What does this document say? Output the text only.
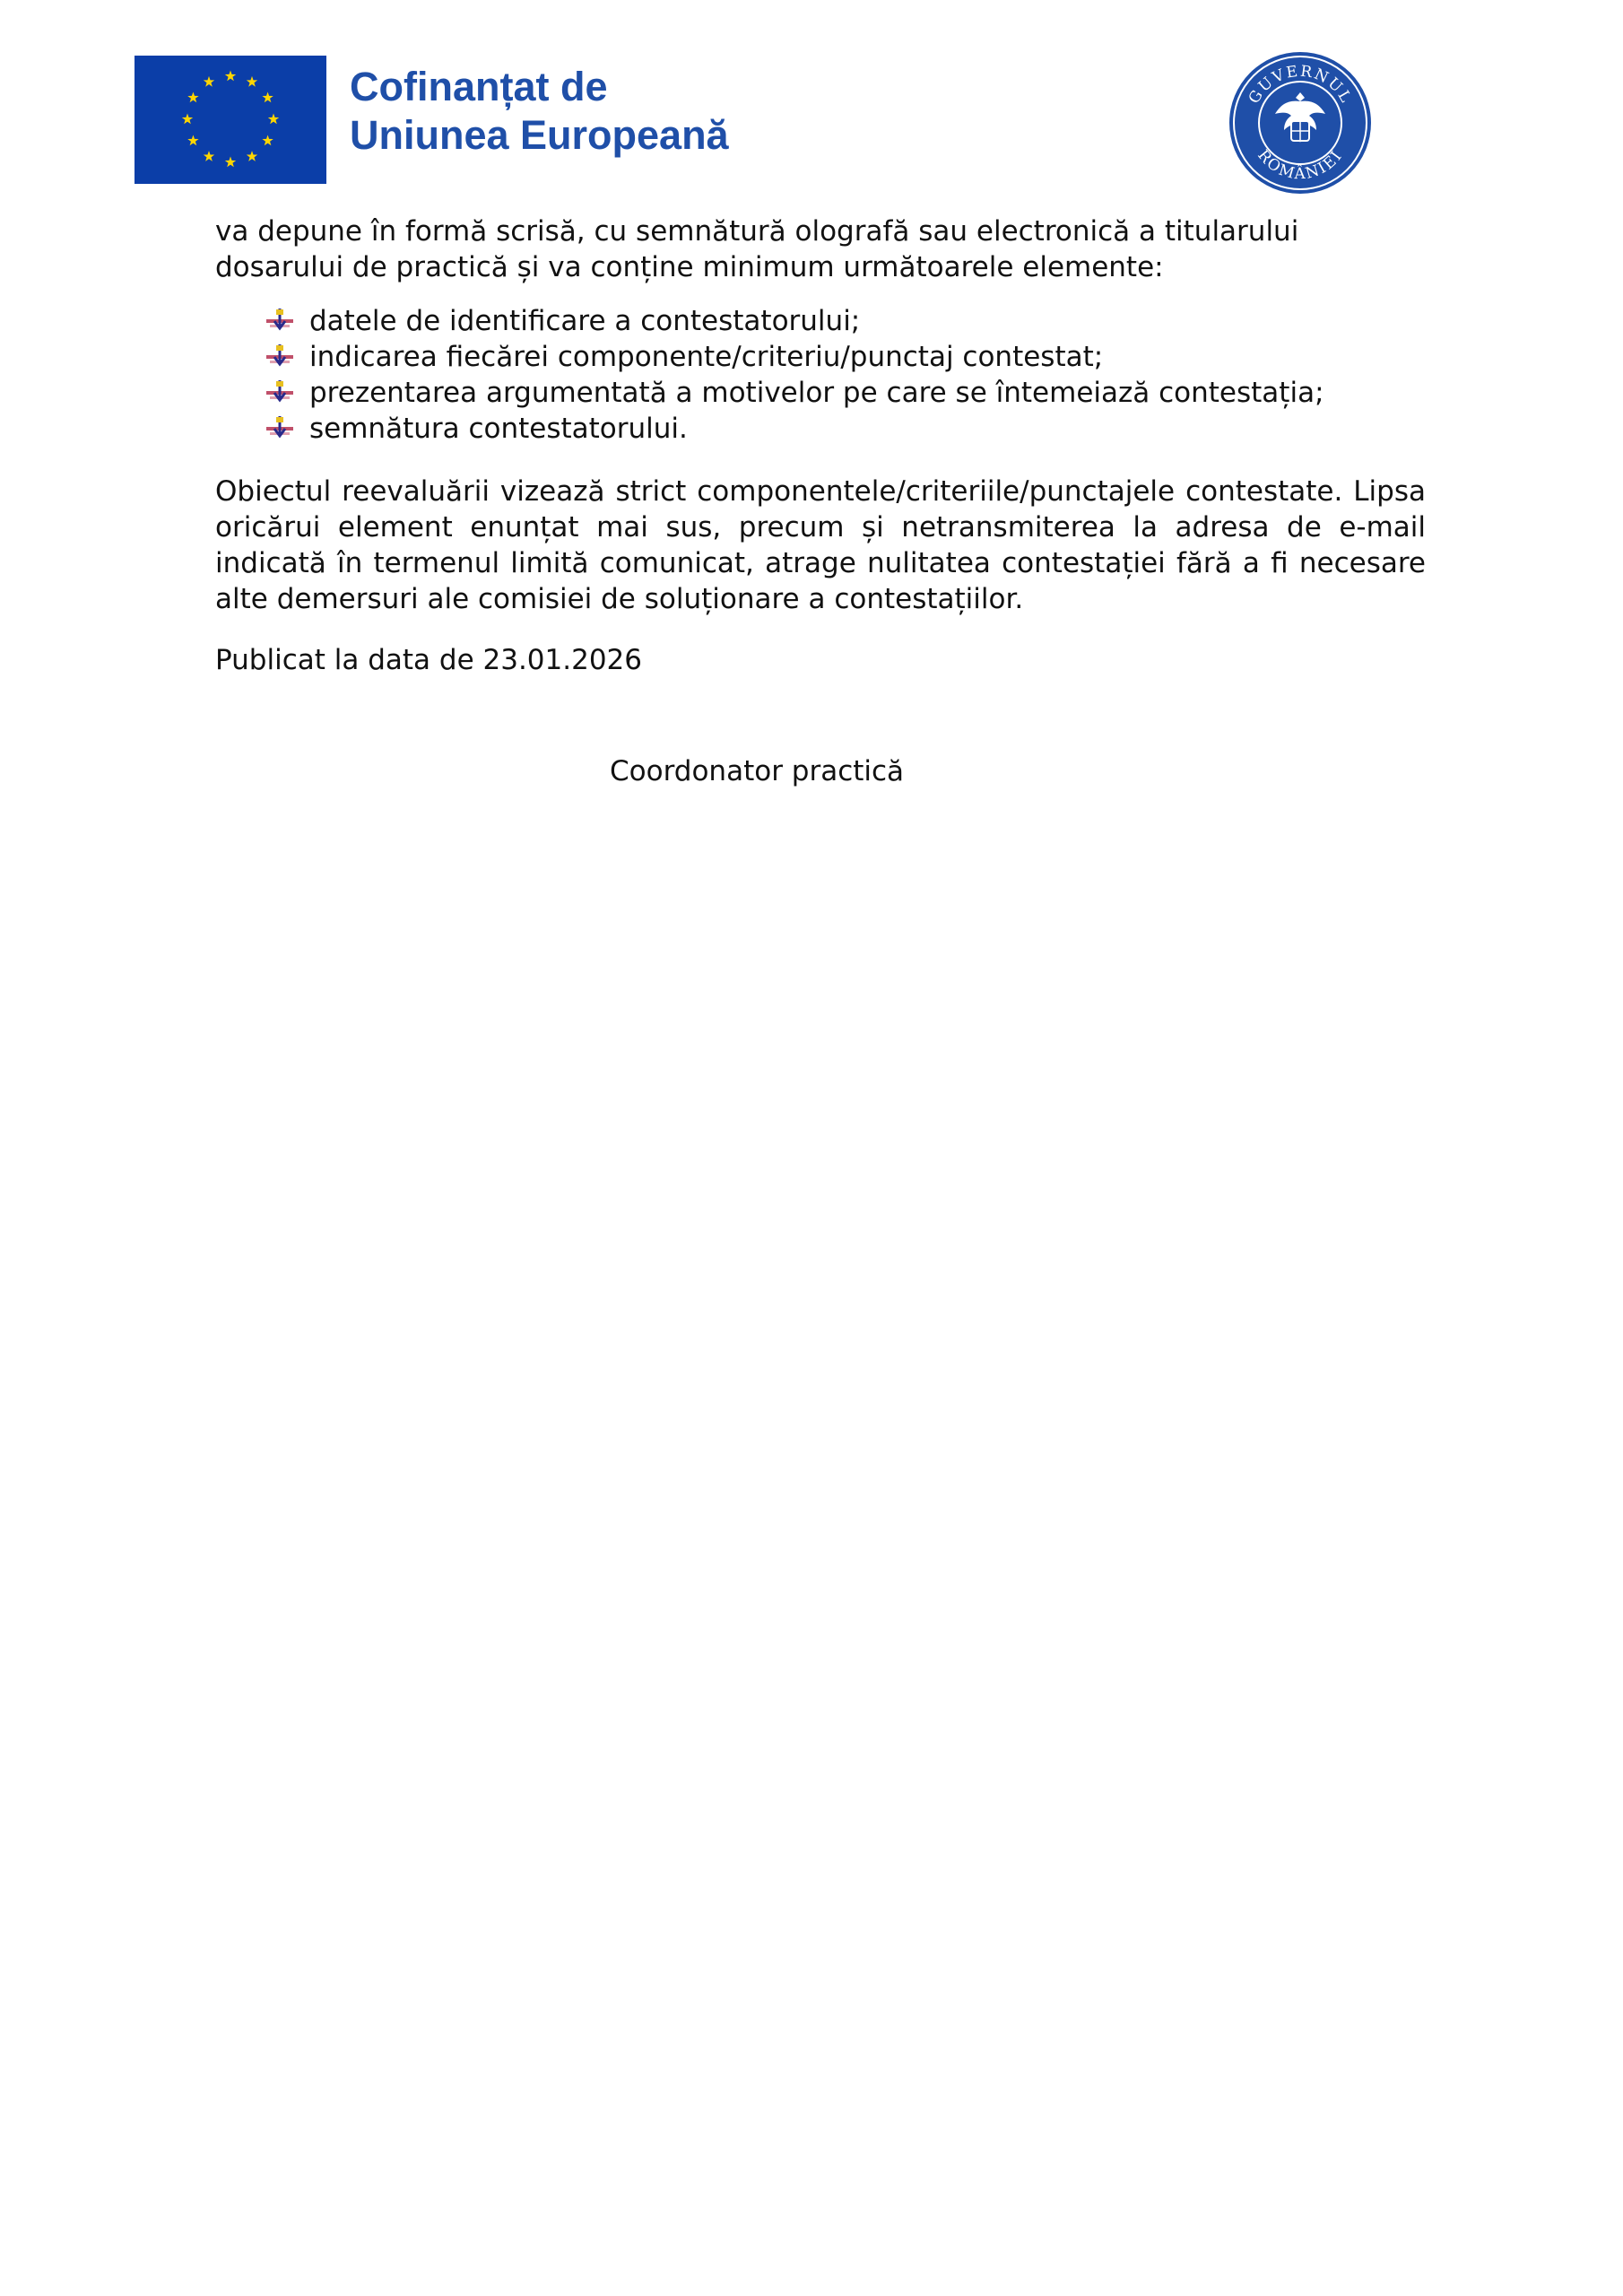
Cofinanțat de
Uniunea Europeană
GUVERNUL
ROMÂNIEI

va depune în formă scrisă, cu semnătură olografă sau electronică a titularului dosarului de practică și va conține minimum următoarele elemente:

datele de identificare a contestatorului;
indicarea fiecărei componente/criteriu/punctaj contestat;
prezentarea argumentată a motivelor pe care se întemeiază contestația;
semnătura contestatorului.

Obiectul reevaluării vizează strict componentele/criteriile/punctajele contestate. Lipsa oricărui element enunțat mai sus, precum și netransmiterea la adresa de e-mail indicată în termenul limită comunicat, atrage nulitatea contestației fără a fi necesare alte demersuri ale comisiei de soluționare a contestațiilor.

Publicat la data de 23.01.2026

Coordonator practică
